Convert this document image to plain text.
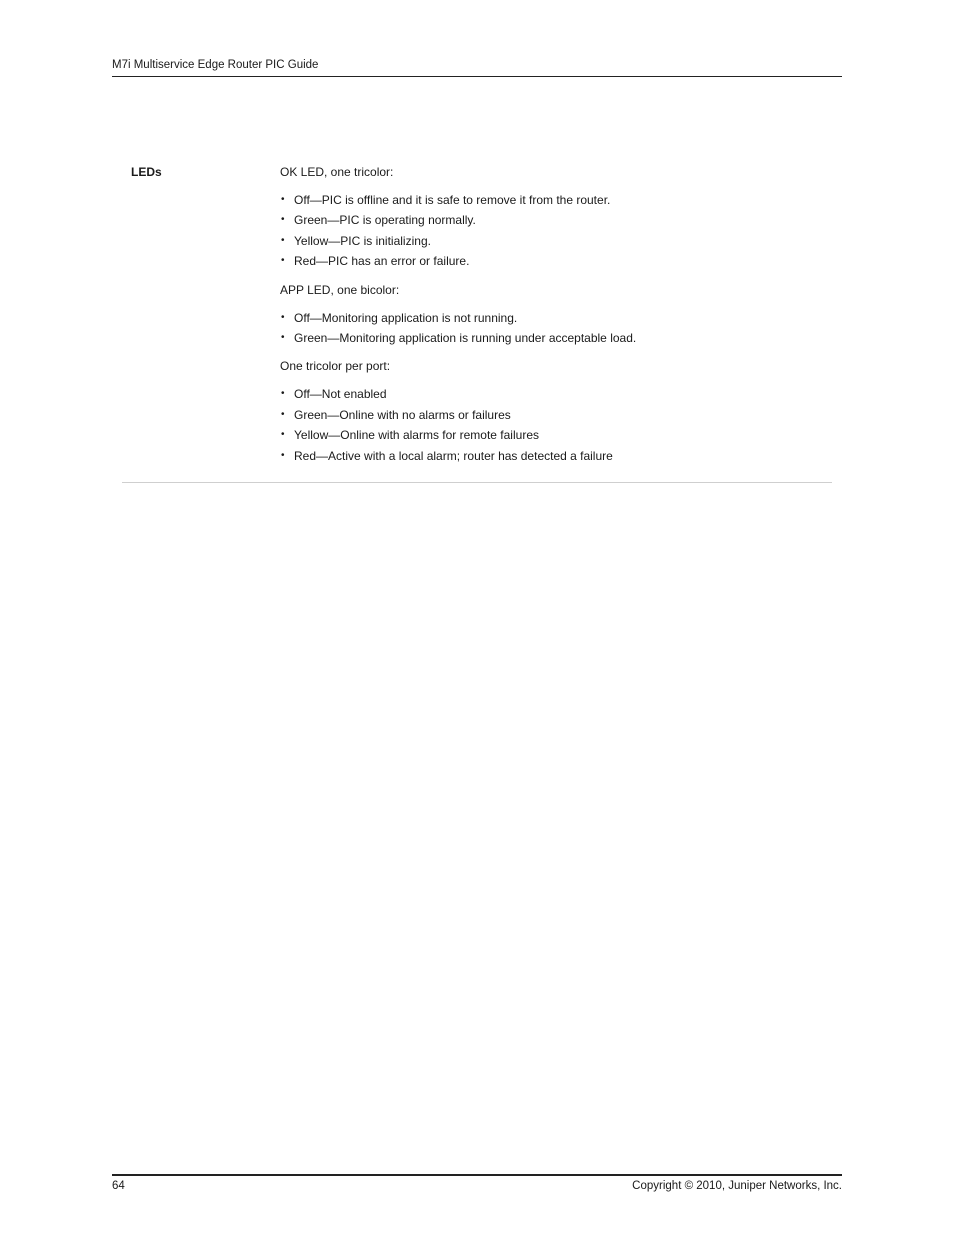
M7i Multiservice Edge Router PIC Guide
LEDs	OK LED, one tricolor:

• Off—PIC is offline and it is safe to remove it from the router.
• Green—PIC is operating normally.
• Yellow—PIC is initializing.
• Red—PIC has an error or failure.

APP LED, one bicolor:

• Off—Monitoring application is not running.
• Green—Monitoring application is running under acceptable load.

One tricolor per port:

• Off—Not enabled
• Green—Online with no alarms or failures
• Yellow—Online with alarms for remote failures
• Red—Active with a local alarm; router has detected a failure
64	Copyright © 2010, Juniper Networks, Inc.
